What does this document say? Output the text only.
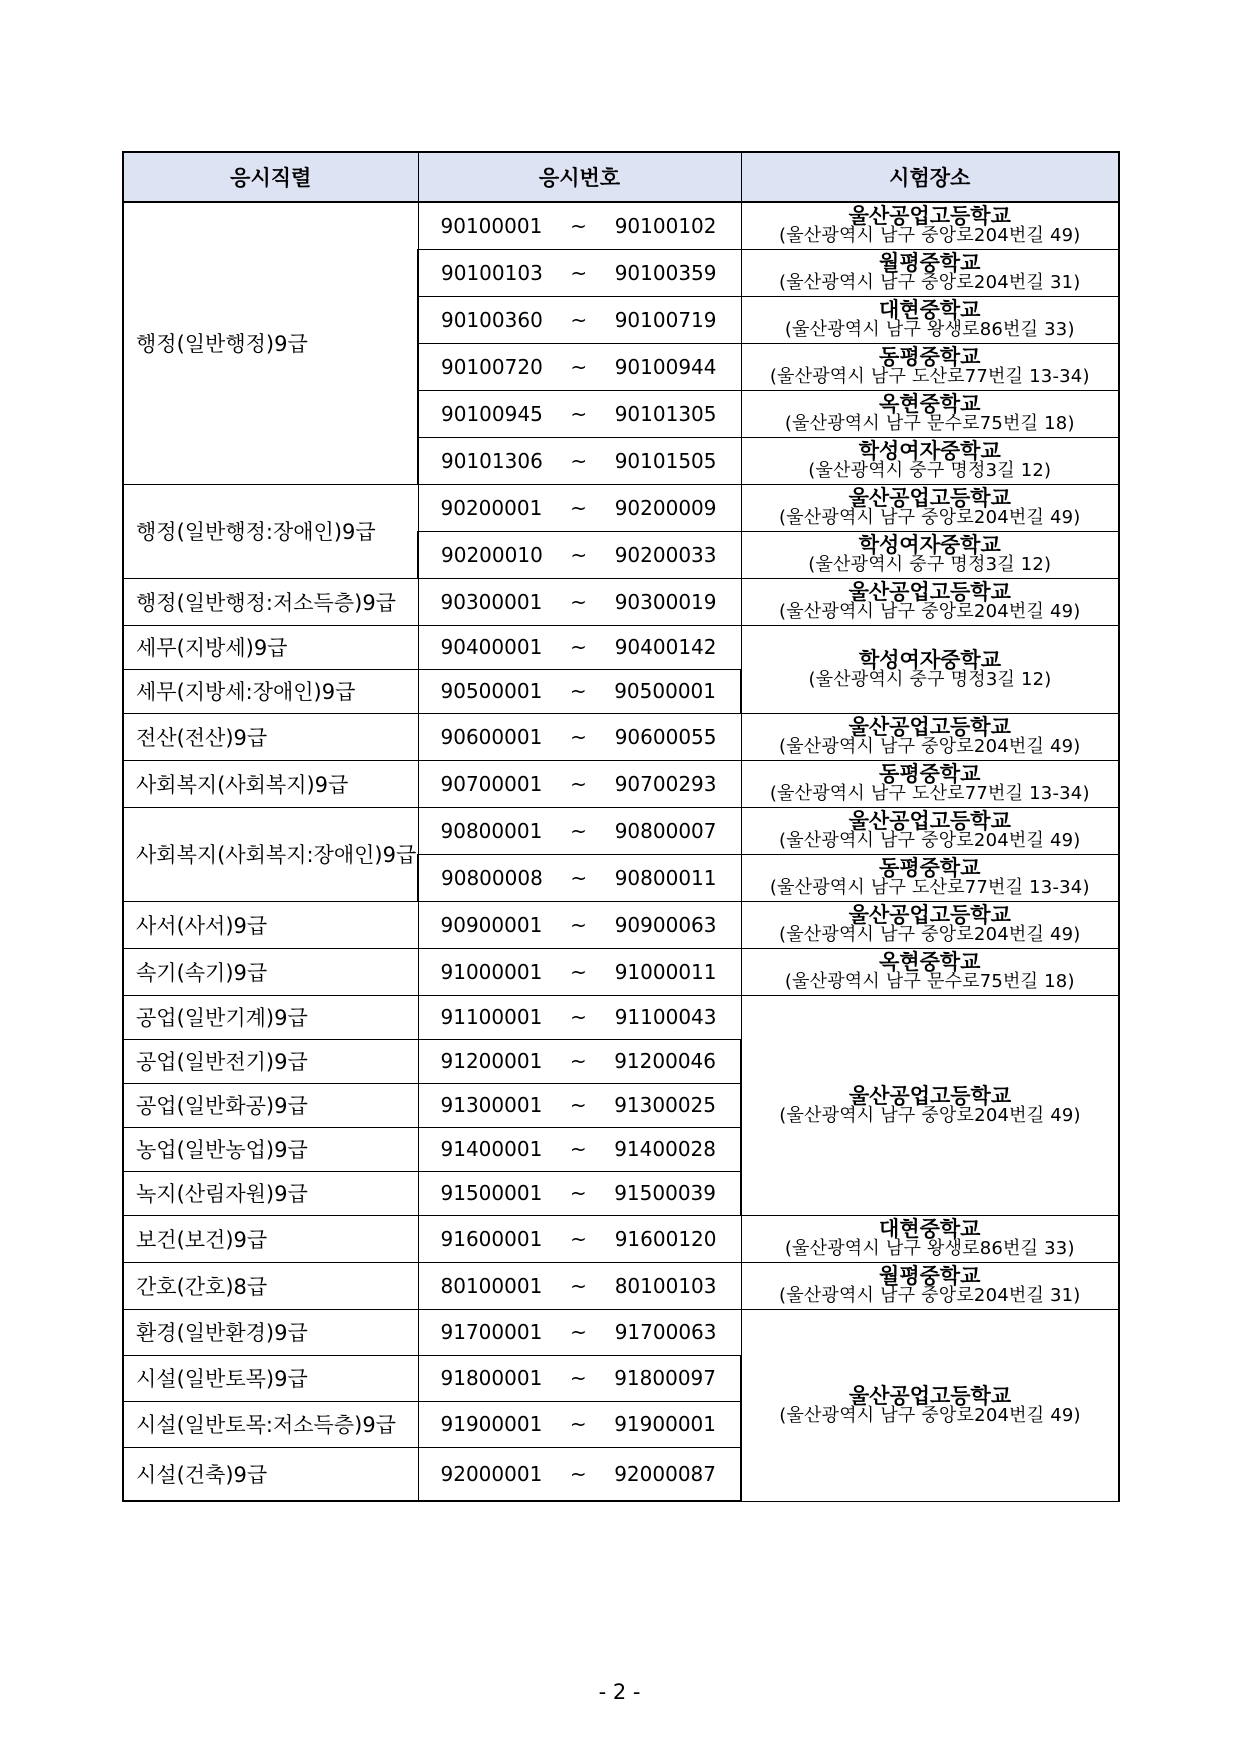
응시직렬	응시번호	시험장소
행정(일반행정)9급	90100001 ~ 90100102	울산공업고등학교
(울산광역시 남구 중앙로204번길 49)

	90100103 ~ 90100359	월평중학교
(울산광역시 남구 중앙로204번길 31)

	90100360 ~ 90100719	대현중학교
(울산광역시 남구 왕생로86번길 33)

	90100720 ~ 90100944	동평중학교
(울산광역시 남구 도산로77번길 13-34)

	90100945 ~ 90101305	옥현중학교
(울산광역시 남구 문수로75번길 18)

	90101306 ~ 90101505	학성여자중학교
(울산광역시 중구 명정3길 12)

행정(일반행정:장애인)9급	90200001 ~ 90200009	울산공업고등학교
(울산광역시 남구 중앙로204번길 49)

	90200010 ~ 90200033	학성여자중학교
(울산광역시 중구 명정3길 12)

행정(일반행정:저소득층)9급	90300001 ~ 90300019	울산공업고등학교
(울산광역시 남구 중앙로204번길 49)

세무(지방세)9급	90400001 ~ 90400142	학성여자중학교
(울산광역시 중구 명정3길 12)

세무(지방세:장애인)9급	90500001 ~ 90500001	

전산(전산)9급	90600001 ~ 90600055	울산공업고등학교
(울산광역시 남구 중앙로204번길 49)

사회복지(사회복지)9급	90700001 ~ 90700293	동평중학교
(울산광역시 남구 도산로77번길 13-34)

사회복지(사회복지:장애인)9급	90800001 ~ 90800007	울산공업고등학교
(울산광역시 남구 중앙로204번길 49)

	90800008 ~ 90800011	동평중학교
(울산광역시 남구 도산로77번길 13-34)

사서(사서)9급	90900001 ~ 90900063	울산공업고등학교
(울산광역시 남구 중앙로204번길 49)

속기(속기)9급	91000001 ~ 91000011	옥현중학교
(울산광역시 남구 문수로75번길 18)

공업(일반기계)9급	91100001 ~ 91100043	울산공업고등학교
(울산광역시 남구 중앙로204번길 49)

공업(일반전기)9급	91200001 ~ 91200046	

공업(일반화공)9급	91300001 ~ 91300025	

농업(일반농업)9급	91400001 ~ 91400028	

녹지(산림자원)9급	91500001 ~ 91500039	

보건(보건)9급	91600001 ~ 91600120	대현중학교
(울산광역시 남구 왕생로86번길 33)

간호(간호)8급	80100001 ~ 80100103	월평중학교
(울산광역시 남구 중앙로204번길 31)

환경(일반환경)9급	91700001 ~ 91700063	울산공업고등학교
(울산광역시 남구 중앙로204번길 49)

시설(일반토목)9급	91800001 ~ 91800097	

시설(일반토목:저소득층)9급	91900001 ~ 91900001	

시설(건축)9급	92000001 ~ 92000087	
- 2 -
